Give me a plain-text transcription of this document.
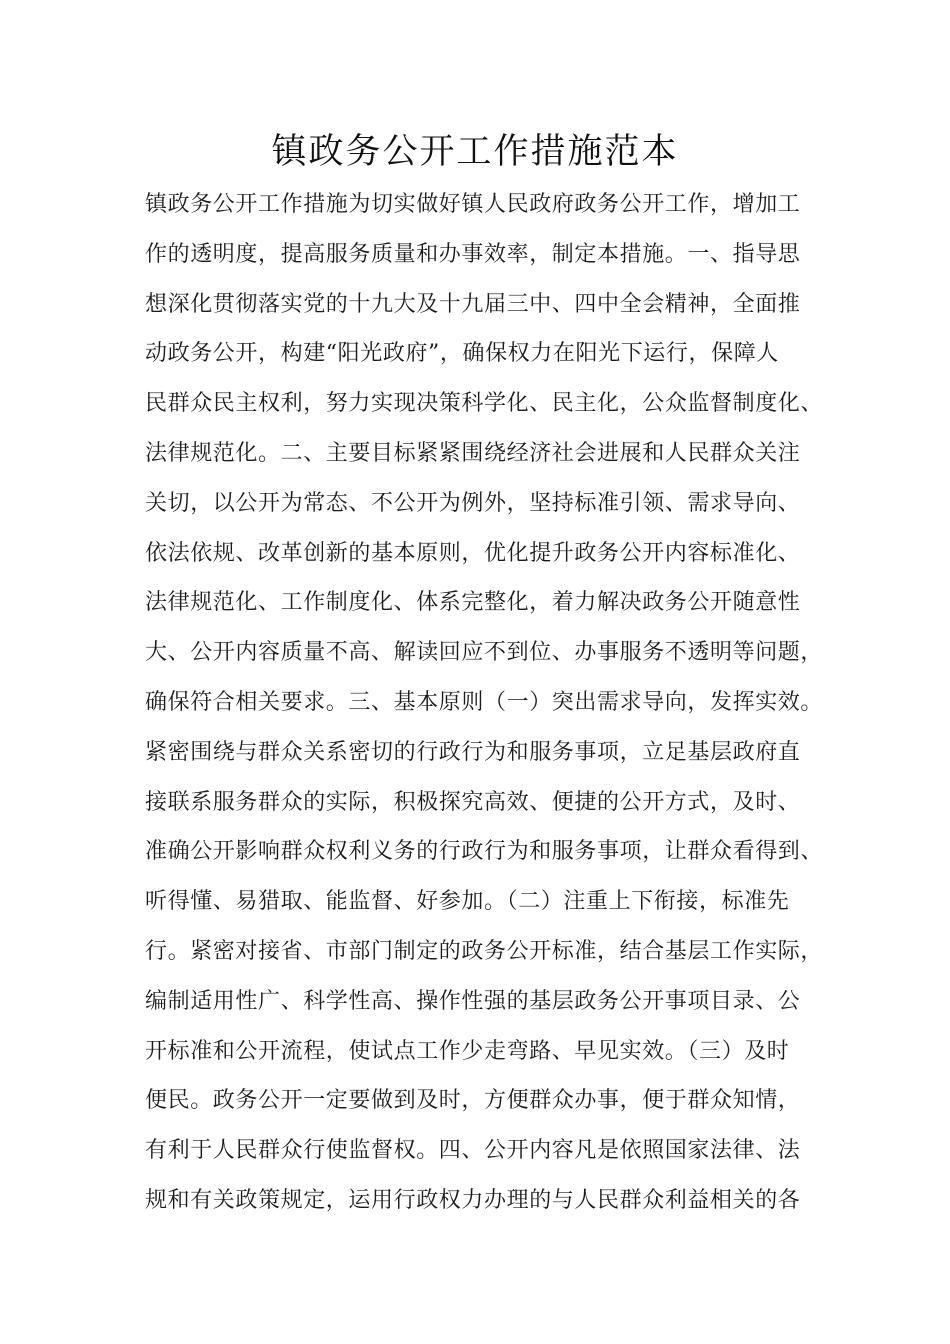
镇政务公开工作措施范本
镇政务公开工作措施为切实做好镇人民政府政务公开工作，增加工
作的透明度，提高服务质量和办事效率，制定本措施。一、指导思
想深化贯彻落实党的十九大及十九届三中、四中全会精神，全面推
动政务公开，构建“阳光政府”，确保权力在阳光下运行，保障人
民群众民主权利，努力实现决策科学化、民主化，公众监督制度化、
法律规范化。二、主要目标紧紧围绕经济社会进展和人民群众关注
关切，以公开为常态、不公开为例外，坚持标准引领、需求导向、
依法依规、改革创新的基本原则，优化提升政务公开内容标准化、
法律规范化、工作制度化、体系完整化，着力解决政务公开随意性
大、公开内容质量不高、解读回应不到位、办事服务不透明等问题，
确保符合相关要求。三、基本原则（一）突出需求导向，发挥实效。
紧密围绕与群众关系密切的行政行为和服务事项，立足基层政府直
接联系服务群众的实际，积极探究高效、便捷的公开方式，及时、
准确公开影响群众权利义务的行政行为和服务事项，让群众看得到、
听得懂、易猎取、能监督、好参加。（二）注重上下衔接，标准先
行。紧密对接省、市部门制定的政务公开标准，结合基层工作实际，
编制适用性广、科学性高、操作性强的基层政务公开事项目录、公
开标准和公开流程，使试点工作少走弯路、早见实效。（三）及时
便民。政务公开一定要做到及时，方便群众办事，便于群众知情，
有利于人民群众行使监督权。四、公开内容凡是依照国家法律、法
规和有关政策规定，运用行政权力办理的与人民群众利益相关的各
